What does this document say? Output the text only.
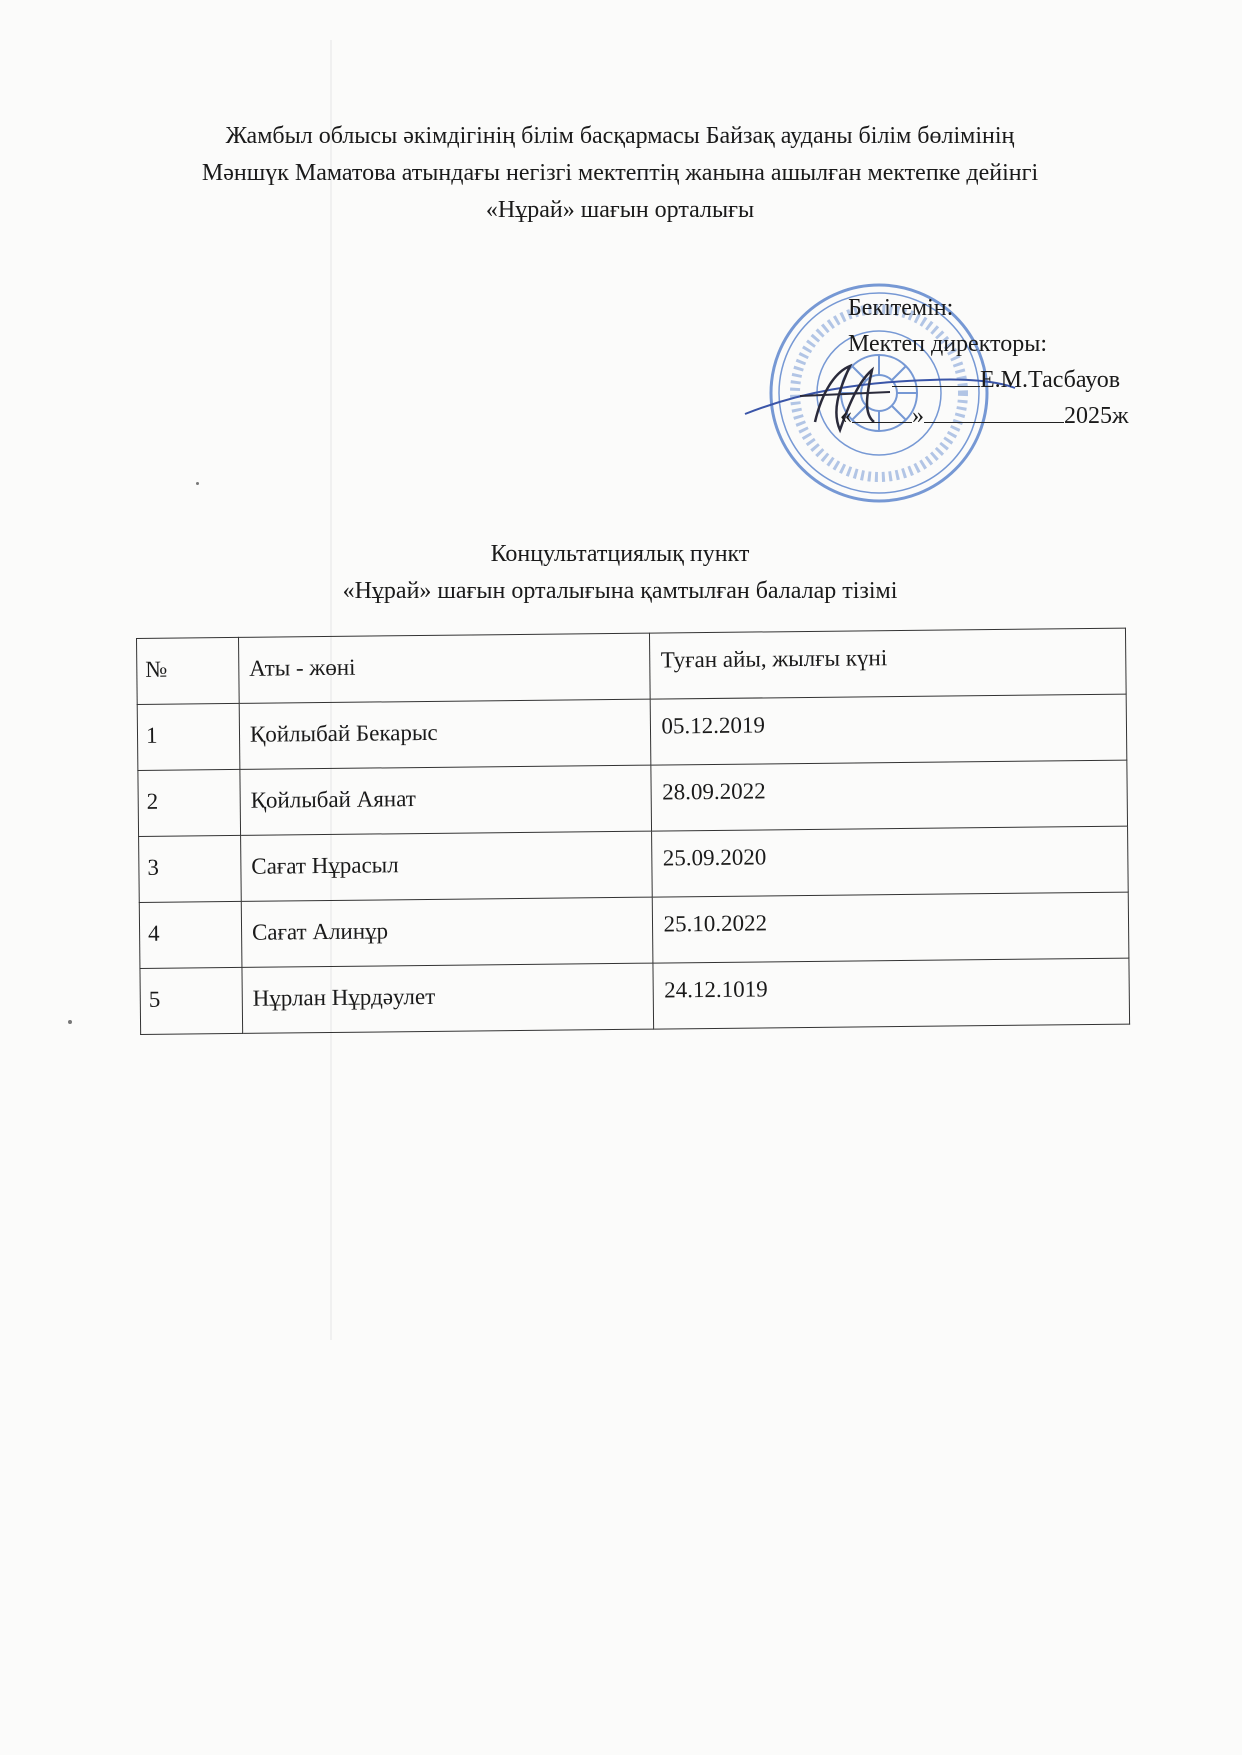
Жамбыл облысы әкімдігінің білім басқармасы Байзақ ауданы білім бөлімінің
Мәншүк Маматова атындағы негізгі мектептің жанына ашылған мектепке дейінгі
«Нұрай» шағын орталығы
Бекітемін:
Мектеп директоры:
Е.М.Тасбауов
«	»	2025ж
Концультатциялық пункт
«Нұрай» шағын орталығына қамтылған балалар тізімі
№	Аты - жөні	Туған айы, жылғы күні
1	Қойлыбай Бекарыс	05.12.2019
2	Қойлыбай Аянат	28.09.2022
3	Сағат Нұрасыл	25.09.2020
4	Сағат Алинұр	25.10.2022
5	Нұрлан Нұрдәулет	24.12.1019
